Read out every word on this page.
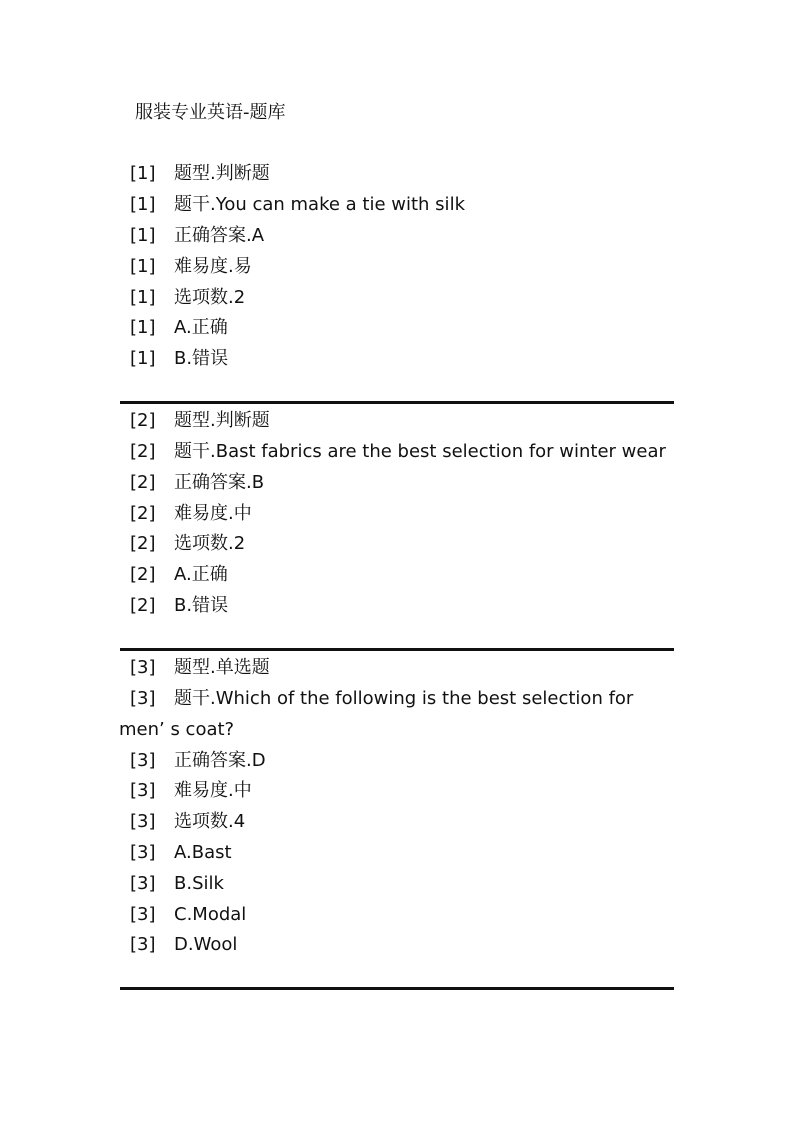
服装专业英语-题库
[1] 题型.判断题
[1] 题干.You can make a tie with silk
[1] 正确答案.A
[1] 难易度.易
[1] 选项数.2
[1] A.正确
[1] B.错误
[2] 题型.判断题
[2] 题干.Bast fabrics are the best selection for winter wear
[2] 正确答案.B
[2] 难易度.中
[2] 选项数.2
[2] A.正确
[2] B.错误
[3] 题型.单选题
[3] 题干.Which of the following is the best selection for
men’ s coat?
[3] 正确答案.D
[3] 难易度.中
[3] 选项数.4
[3] A.Bast
[3] B.Silk
[3] C.Modal
[3] D.Wool
